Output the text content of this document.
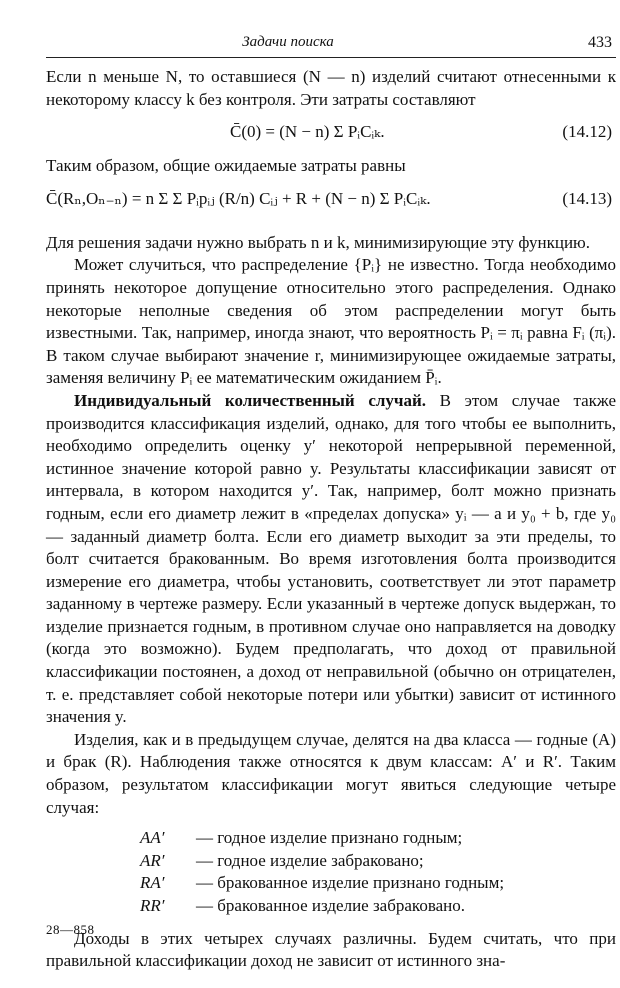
Задачи поиска	433

Если n меньше N, то оставшиеся (N — n) изделий считают отнесенными к некоторому классу k без контроля. Эти затраты составляют

C̄(0) = (N − n) Σ PᵢCᵢₖ.	(14.12)

Таким образом, общие ожидаемые затраты равны

C̄(Rₙ,Oₙ₋ₙ) = n Σ Σ Pᵢpᵢⱼ (R/n) Cᵢⱼ + R + (N − n) Σ PᵢCᵢₖ.	(14.13)

Для решения задачи нужно выбрать n и k, минимизирующие эту функцию.

Может случиться, что распределение {Pᵢ} не известно. Тогда необходимо принять некоторое допущение относительно этого распределения. Однако некоторые неполные сведения об этом распределении могут быть известными. Так, например, иногда знают, что вероятность Pᵢ = πᵢ равна Fᵢ (πᵢ). В таком случае выбирают значение r, минимизирующее ожидаемые затраты, заменяя величину Pᵢ ее математическим ожиданием P̄ᵢ.

Индивидуальный количественный случай. В этом случае также производится классификация изделий, однако, для того чтобы ее выполнить, необходимо определить оценку y′ некоторой непрерывной переменной, истинное значение которой равно y. Результаты классификации зависят от интервала, в котором находится y′. Так, например, болт можно признать годным, если его диаметр лежит в «пределах допуска» yᵢ — a и y₀ + b, где y₀— заданный диаметр болта. Если его диаметр выходит за эти пределы, то болт считается бракованным. Во время изготовления болта производится измерение его диаметра, чтобы установить, соответствует ли этот параметр заданному в чертеже размеру. Если указанный в чертеже допуск выдержан, то изделие признается годным, в противном случае оно направляется на доводку (когда это возможно). Будем предполагать, что доход от правильной классификации постоянен, а доход от неправильной (обычно он отрицателен, т. е. представляет собой некоторые потери или убытки) зависит от истинного значения y.

Изделия, как и в предыдущем случае, делятся на два класса — годные (A) и брак (R). Наблюдения также относятся к двум классам: A′ и R′. Таким образом, результатом классификации могут явиться следующие четыре случая:

AA′ — годное изделие признано годным;
AR′ — годное изделие забраковано;
RA′ — бракованное изделие признано годным;
RR′ — бракованное изделие забраковано.

Доходы в этих четырех случаях различны. Будем считать, что при правильной классификации доход не зависит от истинного зна-

28—858
